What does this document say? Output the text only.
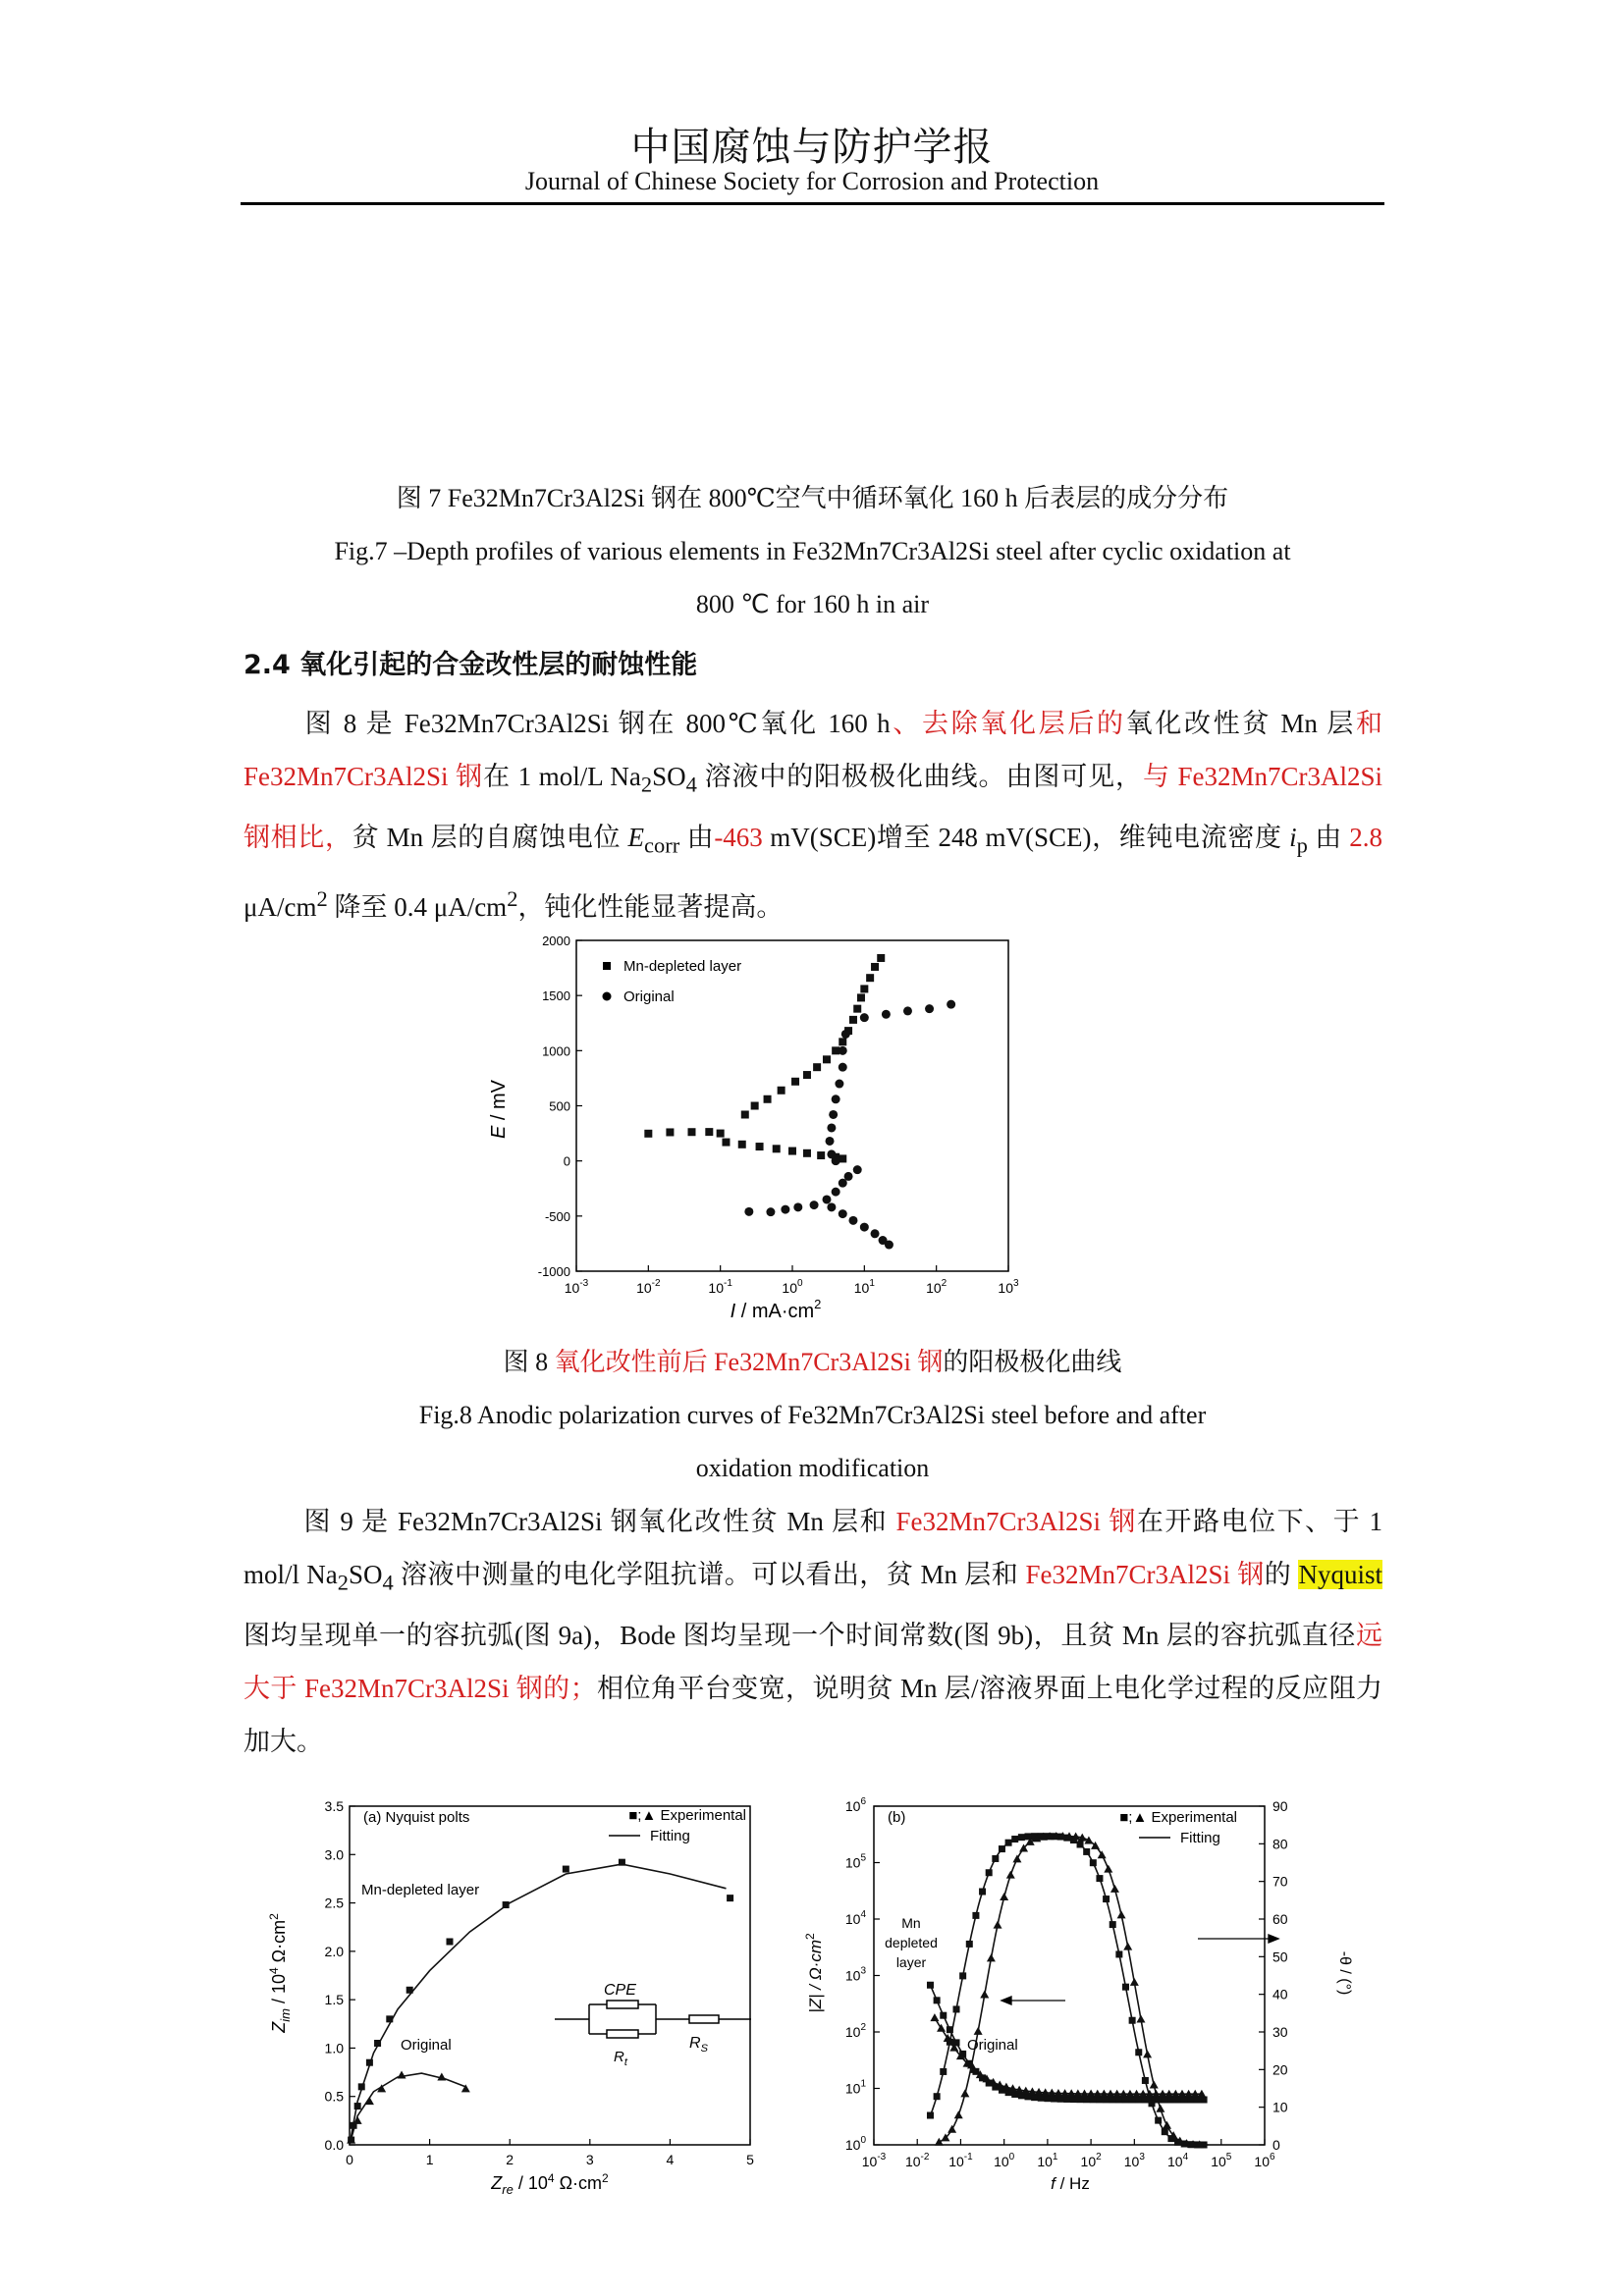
中国腐蚀与防护学报
Journal of Chinese Society for Corrosion and Protection
图 7 Fe32Mn7Cr3Al2Si 钢在 800℃空气中循环氧化 160 h 后表层的成分分布
Fig.7 –Depth profiles of various elements in Fe32Mn7Cr3Al2Si steel after cyclic oxidation at
800 ℃ for 160 h in air
2.4 氧化引起的合金改性层的耐蚀性能

图 8 是 Fe32Mn7Cr3Al2Si 钢在 800℃氧化 160 h、去除氧化层后的氧化改性贫 Mn 层和 Fe32Mn7Cr3Al2Si 钢在 1 mol/L $Na_2SO_4$ 溶液中的阳极极化曲线。由图可见，与 Fe32Mn7Cr3Al2Si 钢相比，贫 Mn 层的自腐蚀电位 $E_{corr}$ 由-463 mV(SCE)增至 248 mV(SCE)，维钝电流密度 $i_p$ 由 2.8 $\mu A/cm^2$ 降至 0.4 $\mu A/cm^2$，钝化性能显著提高。

-1000
-500
0
500
1000
1500
2000
$10^{-3}$	$10^{-2}$	$10^{-1}$	$10^0$	$10^1$	$10^2$	$10^3$
Mn-depleted layer
Original
E / mV
$I / mA\cdot cm^2$
图 8 氧化改性前后 Fe32Mn7Cr3Al2Si 钢的阳极极化曲线
Fig.8 Anodic polarization curves of Fe32Mn7Cr3Al2Si steel before and after
oxidation modification

图 9 是 Fe32Mn7Cr3Al2Si 钢氧化改性贫 Mn 层和 Fe32Mn7Cr3Al2Si 钢在开路电位下、于 1 mol/l $Na_2SO_4$ 溶液中测量的电化学阻抗谱。可以看出，贫 Mn 层和 Fe32Mn7Cr3Al2Si 钢的 Nyquist 图均呈现单一的容抗弧(图 9a)，Bode 图均呈现一个时间常数(图 9b)，且贫 Mn 层的容抗弧直径远大于 Fe32Mn7Cr3Al2Si 钢的；相位角平台变宽，说明贫 Mn 层/溶液界面上电化学过程的反应阻力加大。

0	1	2	3	4	5
0.0
0.5
1.0
1.5
2.0
2.5
3.0
3.5
(a) Nyquist polts	■;▲ Experimental
Fitting
Mn-depleted layer
Original
CPE
$R_t$
$R_S$
$Z_{im} / 10^4$ $\Omega\cdot cm^2$
$Z_{re} / 10^4$ $\Omega\cdot cm^2$
$10^{-3}$ $10^{-2}$ $10^{-1}$ $10^0$ $10^1$ $10^2$ $10^3$ $10^4$ $10^5$ $10^6$
$10^0$
$10^1$
$10^2$
$10^3$
$10^4$
$10^5$
$10^6$
0
10
20
30
40
50
60
70
80
90
(b)	■;▲ Experimental
Fitting
Mn
depleted
layer
Original
$|Z| / \Omega\cdot cm^2$
-θ / (°)
f / Hz
